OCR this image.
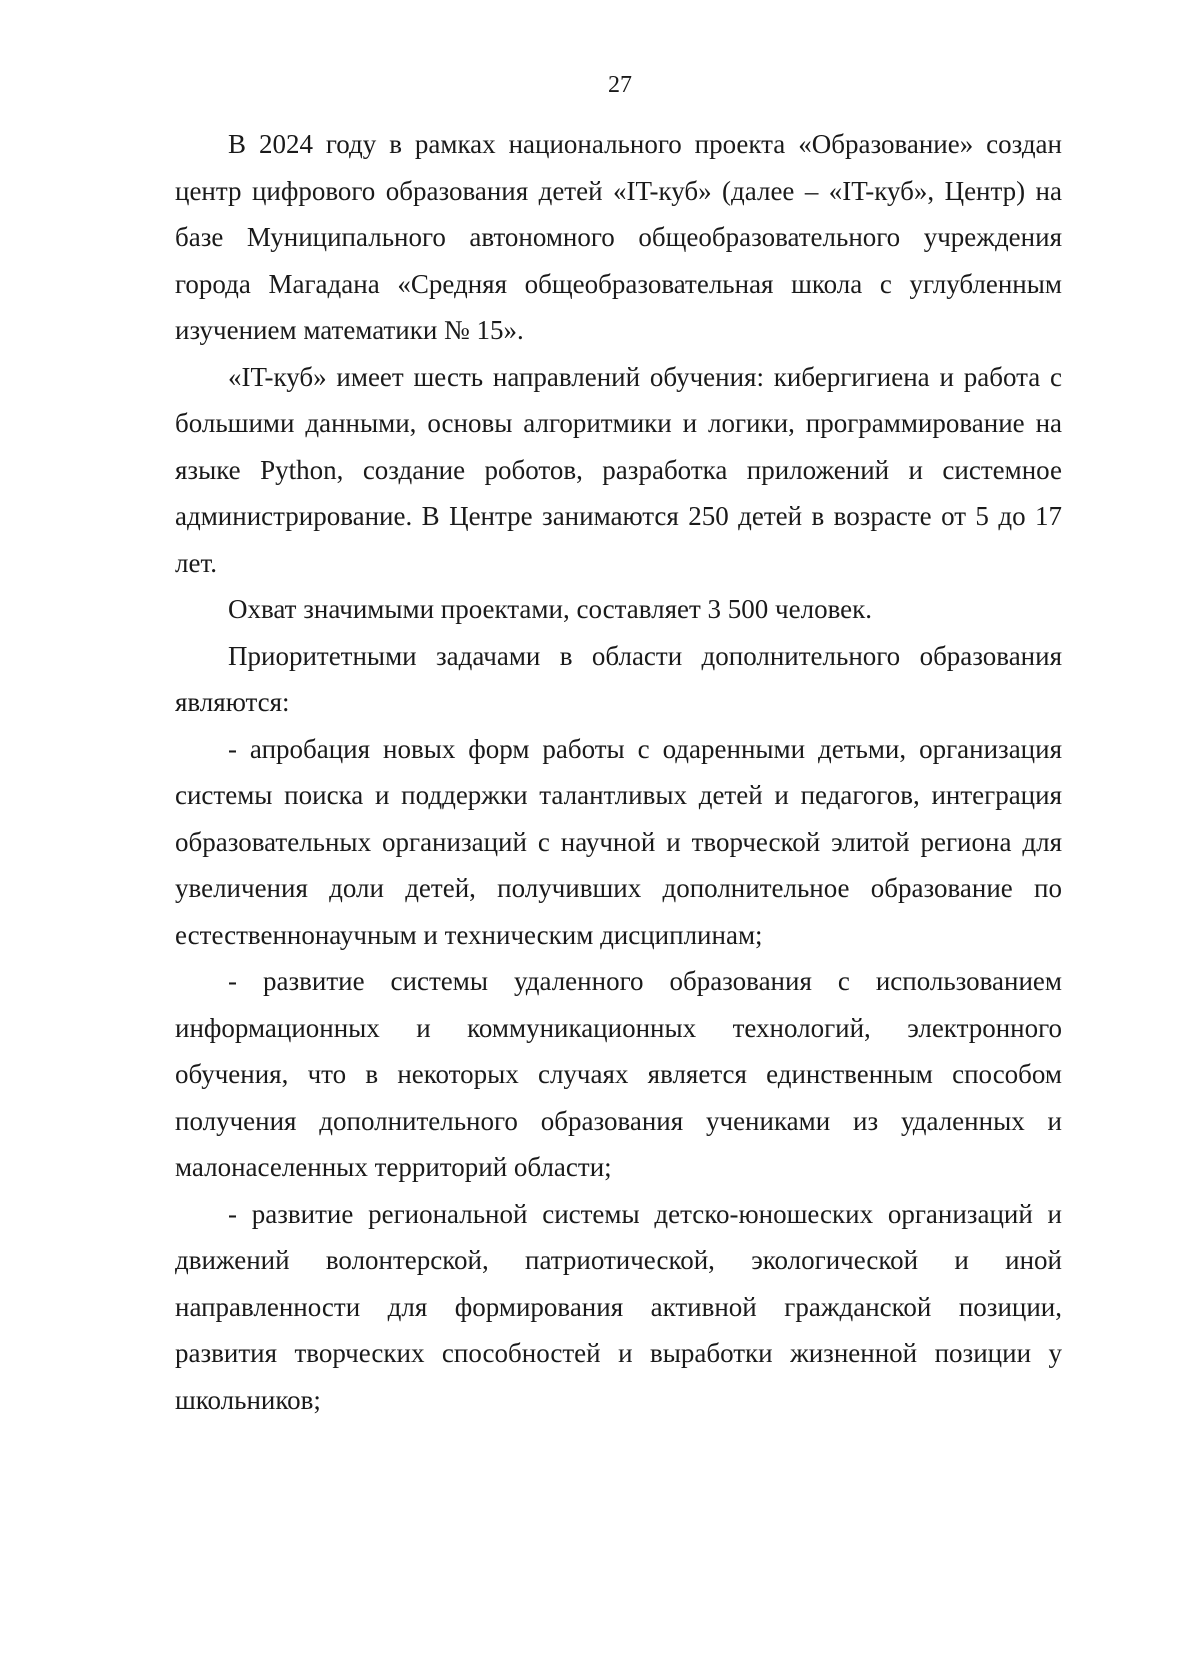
27

В 2024 году в рамках национального проекта «Образование» создан центр цифрового образования детей «IT-куб» (далее – «IT-куб», Центр) на базе Муниципального автономного общеобразовательного учреждения города Магадана «Средняя общеобразовательная школа с углубленным изучением математики № 15».

«IT-куб» имеет шесть направлений обучения: кибергигиена и работа с большими данными, основы алгоритмики и логики, программирование на языке Python, создание роботов, разработка приложений и системное администрирование. В Центре занимаются 250 детей в возрасте от 5 до 17 лет.

Охват значимыми проектами, составляет 3 500 человек.

Приоритетными задачами в области дополнительного образования являются:

- апробация новых форм работы с одаренными детьми, организация системы поиска и поддержки талантливых детей и педагогов, интеграция образовательных организаций с научной и творческой элитой региона для увеличения доли детей, получивших дополнительное образование по естественнонаучным и техническим дисциплинам;

- развитие системы удаленного образования с использованием информационных и коммуникационных технологий, электронного обучения, что в некоторых случаях является единственным способом получения дополнительного образования учениками из удаленных и малонаселенных территорий области;

- развитие региональной системы детско-юношеских организаций и движений волонтерской, патриотической, экологической и иной направленности для формирования активной гражданской позиции, развития творческих способностей и выработки жизненной позиции у школьников;
